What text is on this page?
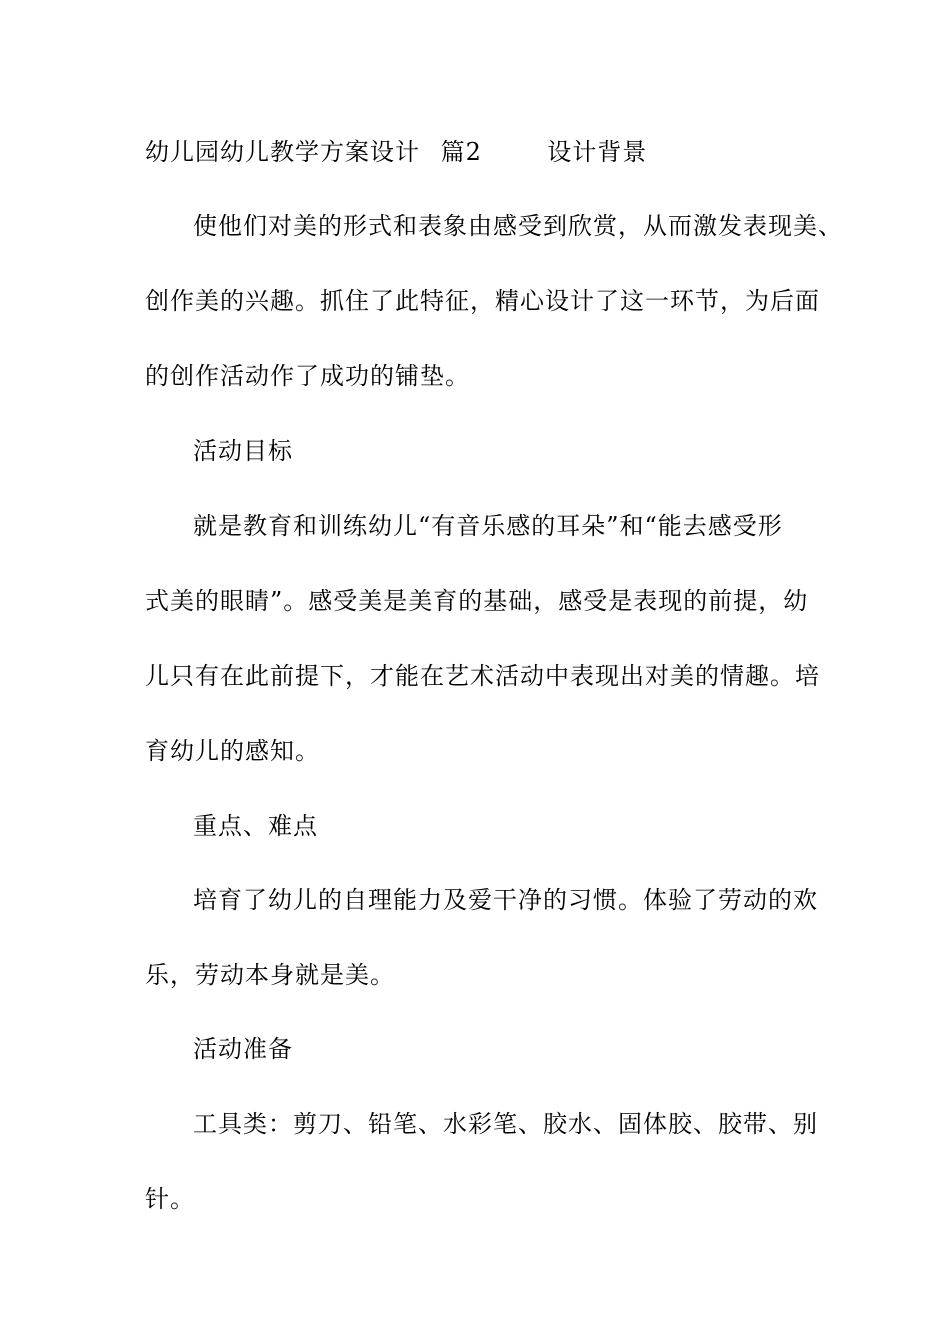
幼儿园幼儿教学方案设计 篇2	设计背景
使他们对美的形式和表象由感受到欣赏，从而激发表现美、
创作美的兴趣。抓住了此特征，精心设计了这一环节，为后面
的创作活动作了成功的铺垫。
活动目标
就是教育和训练幼儿“有音乐感的耳朵”和“能去感受形
式美的眼睛”。感受美是美育的基础，感受是表现的前提，幼
儿只有在此前提下，才能在艺术活动中表现出对美的情趣。培
育幼儿的感知。
重点、难点
培育了幼儿的自理能力及爱干净的习惯。体验了劳动的欢
乐，劳动本身就是美。
活动准备
工具类：剪刀、铅笔、水彩笔、胶水、固体胶、胶带、别
针。
